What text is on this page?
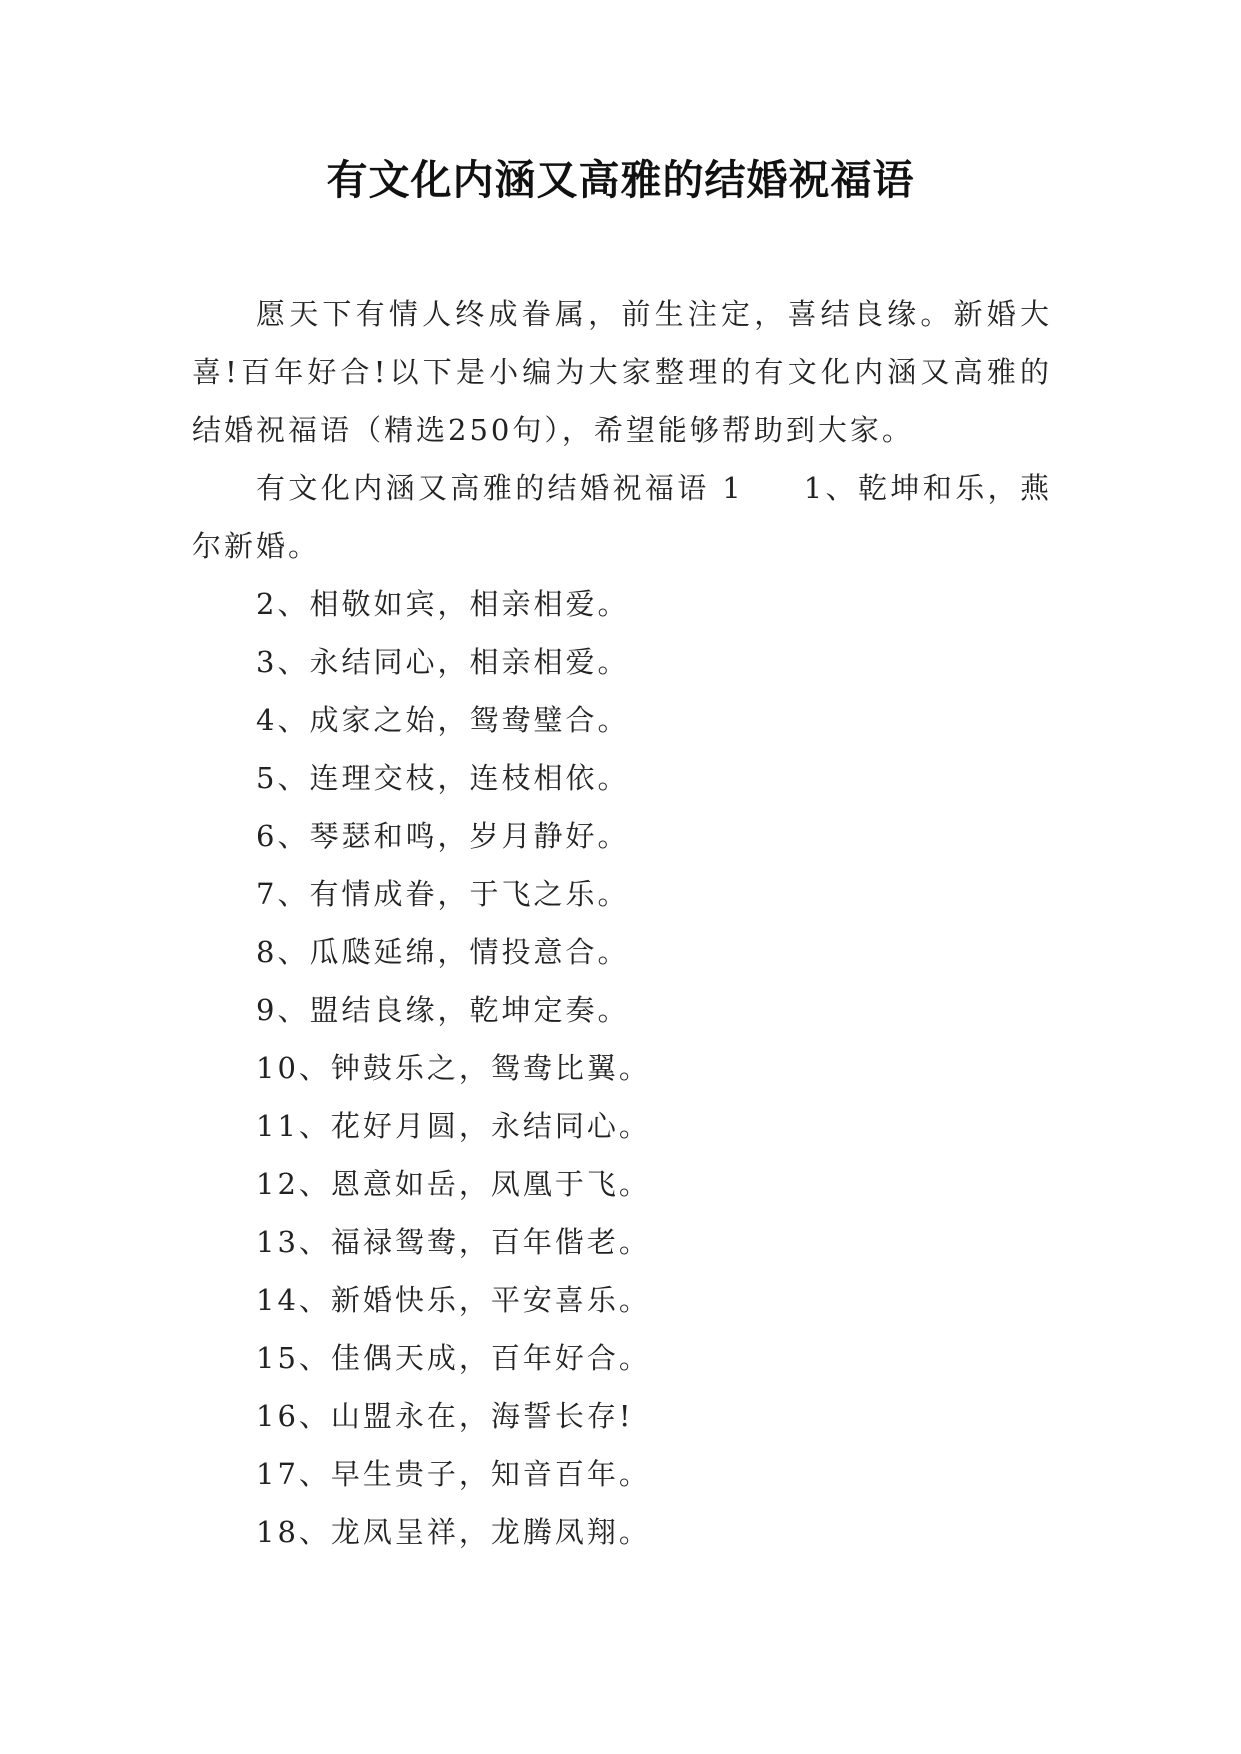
有文化内涵又高雅的结婚祝福语

愿天下有情人终成眷属，前生注定，喜结良缘。新婚大喜!百年好合!以下是小编为大家整理的有文化内涵又高雅的结婚祝福语（精选250句），希望能够帮助到大家。

有文化内涵又高雅的结婚祝福语 1 1、乾坤和乐，燕尔新婚。

2、相敬如宾，相亲相爱。
3、永结同心，相亲相爱。
4、成家之始，鸳鸯璧合。
5、连理交枝，连枝相依。
6、琴瑟和鸣，岁月静好。
7、有情成眷，于飞之乐。
8、瓜瓞延绵，情投意合。
9、盟结良缘，乾坤定奏。
10、钟鼓乐之，鸳鸯比翼。
11、花好月圆，永结同心。
12、恩意如岳，凤凰于飞。
13、福禄鸳鸯，百年偕老。
14、新婚快乐，平安喜乐。
15、佳偶天成，百年好合。
16、山盟永在，海誓长存!
17、早生贵子，知音百年。
18、龙凤呈祥，龙腾凤翔。
